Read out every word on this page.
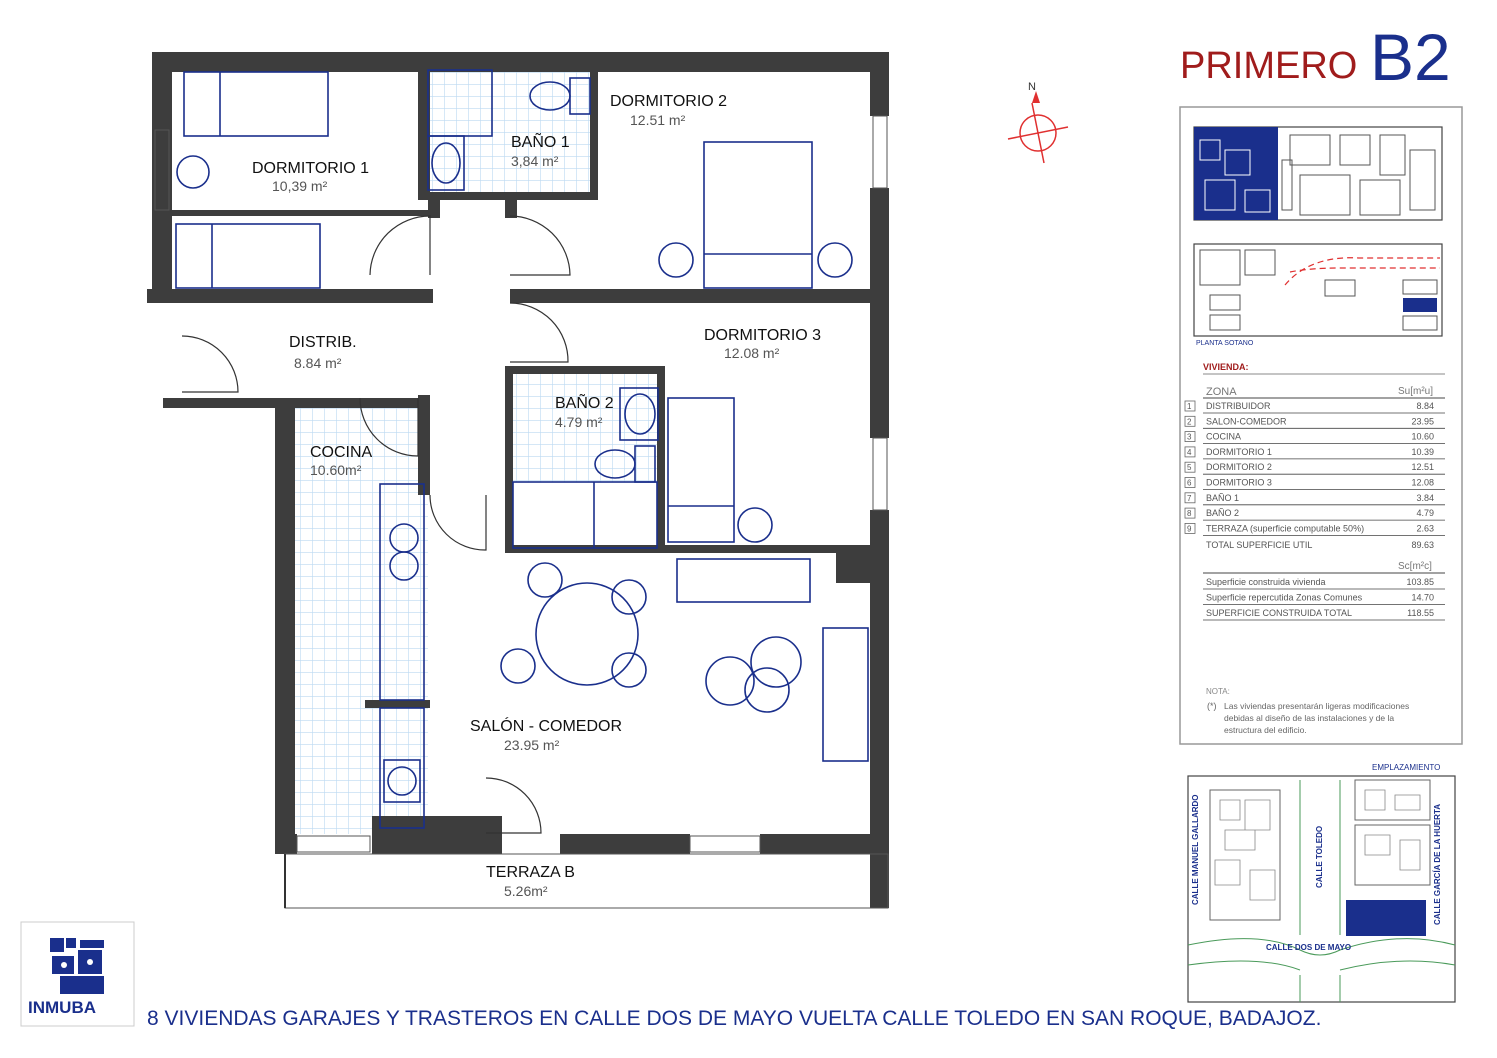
PRIMERO B2
N
DORMITORIO 1
10,39 m²
BAÑO 1
3,84 m²
DORMITORIO 2
12.51 m²
DISTRIB.
8.84 m²
DORMITORIO 3
12.08 m²
BAÑO 2
4.79 m²
COCINA
10.60m²
SALÓN - COMEDOR
23.95 m²
TERRAZA B
5.26m²
PLANTA SOTANO
VIVIENDA:
ZONA	Su[m²u]
1 DISTRIBUIDOR	8.84
2 SALON-COMEDOR	23.95
3 COCINA	10.60
4 DORMITORIO 1	10.39
5 DORMITORIO 2	12.51
6 DORMITORIO 3	12.08
7 BAÑO 1	3.84
8 BAÑO 2	4.79
9 TERRAZA (superficie computable 50%)	2.63
TOTAL SUPERFICIE UTIL	89.63
Sc[m²c]
Superficie construida vivienda	103.85
Superficie repercutida Zonas Comunes	14.70
SUPERFICIE CONSTRUIDA TOTAL	118.55
NOTA:
(*) Las viviendas presentarán ligeras modificaciones
debidas al diseño de las instalaciones y de la
estructura del edificio.
EMPLAZAMIENTO
CALLE MANUEL GALLARDO	CALLE TOLEDO	CALLE GARCÍA DE LA HUERTA
CALLE DOS DE MAYO
INMUBA 8 VIVIENDAS GARAJES Y TRASTEROS EN CALLE DOS DE MAYO VUELTA CALLE TOLEDO EN SAN ROQUE, BADAJOZ.
